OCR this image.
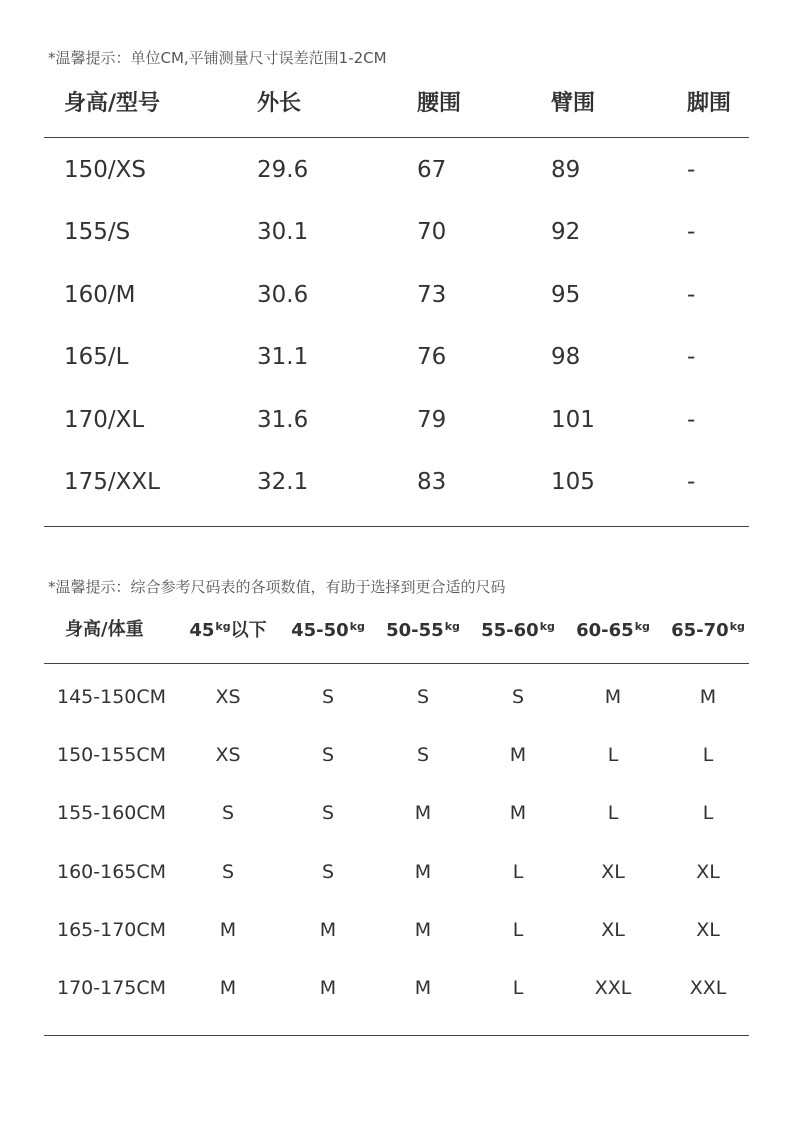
*温馨提示：单位CM,平铺测量尺寸误差范围1-2CM
身高/型号	外长	腰围	臂围	脚围
150/XS	29.6	67	89	-
155/S	30.1	70	92	-
160/M	30.6	73	95	-
165/L	31.1	76	98	-
170/XL	31.6	79	101	-
175/XXL	32.1	83	105	-
*温馨提示：综合参考尺码表的各项数值，有助于选择到更合适的尺码
身高/体重	$45^{kg}$以下 $45-50^{kg}$ $50-55^{kg}$ $55-60^{kg}$ $60-65^{kg}$ $65-70^{kg}$
145-150CM	XS	S	S	S	M	M
150-155CM	XS	S	S	M	L	L
155-160CM	S	S	M	M	L	L
160-165CM	S	S	M	L	XL	XL
165-170CM	M	M	M	L	XL	XL
170-175CM	M	M	M	L	XXL	XXL
